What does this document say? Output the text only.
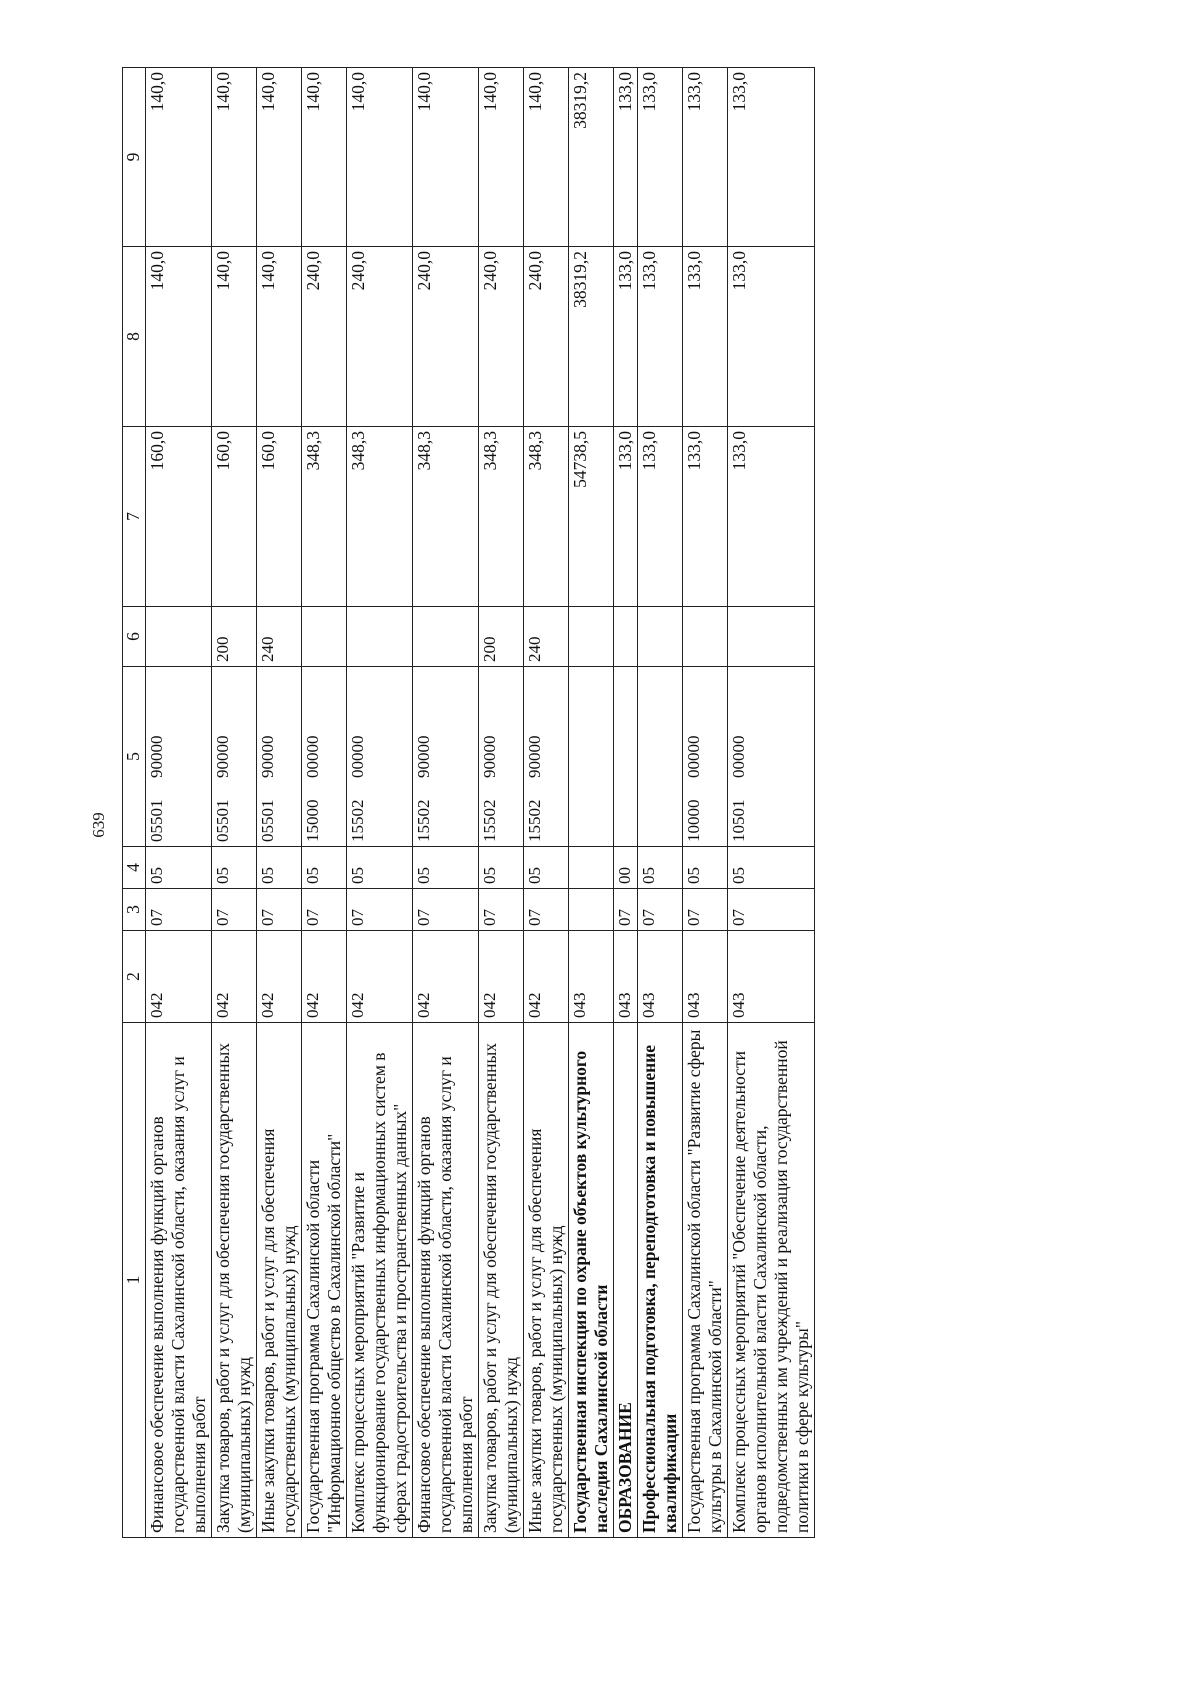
639
1	2	3	4	5	6	7	8	9
Финансовое обеспечение выполнения функций органов государственной власти Сахалинской области, оказания услуг и выполнения работ	042	07	05	0550190000		160,0	140,0	140,0
Закупка товаров, работ и услуг для обеспечения государственных (муниципальных) нужд	042	07	05	0550190000	200	160,0	140,0	140,0
Иные закупки товаров, работ и услуг для обеспечения государственных (муниципальных) нужд	042	07	05	0550190000	240	160,0	140,0	140,0
Государственная программа Сахалинской области "Информационное общество в Сахалинской области"	042	07	05	1500000000		348,3	240,0	140,0
Комплекс процессных мероприятий "Развитие и функционирование государственных информационных систем в сферах градостроительства и пространственных данных"	042	07	05	1550200000		348,3	240,0	140,0
Финансовое обеспечение выполнения функций органов государственной власти Сахалинской области, оказания услуг и выполнения работ	042	07	05	1550290000		348,3	240,0	140,0
Закупка товаров, работ и услуг для обеспечения государственных (муниципальных) нужд	042	07	05	1550290000	200	348,3	240,0	140,0
Иные закупки товаров, работ и услуг для обеспечения государственных (муниципальных) нужд	042	07	05	1550290000	240	348,3	240,0	140,0
Государственная инспекция по охране объектов культурного наследия Сахалинской области	043					54738,5	38319,2	38319,2
ОБРАЗОВАНИЕ	043	07	00			133,0	133,0	133,0
Профессиональная подготовка, переподготовка и повышение квалификации	043	07	05			133,0	133,0	133,0
Государственная программа Сахалинской области "Развитие сферы культуры в Сахалинской области"	043	07	05	1000000000		133,0	133,0	133,0
Комплекс процессных мероприятий "Обеспечение деятельности органов исполнительной власти Сахалинской области, подведомственных им учреждений и реализация государственной политики в сфере культуры"	043	07	05	1050100000		133,0	133,0	133,0
